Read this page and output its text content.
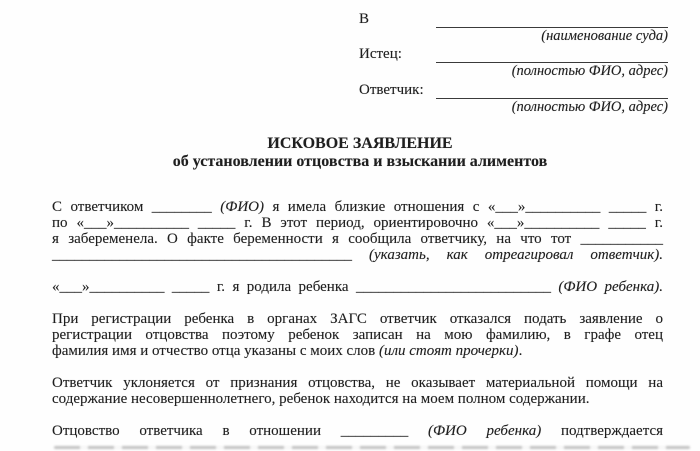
В
(наименование суда)
Истец:
(полностью ФИО, адрес)
Ответчик:
(полностью ФИО, адрес)
ИСКОВОЕ ЗАЯВЛЕНИЕ
об установлении отцовства и взыскании алиментов
С ответчиком ________ (ФИО) я имела близкие отношения с «___»__________ _____ г.
по «___»__________ _____ г. В этот период, ориентировочно «___»__________ _____ г.
я забеременела. О факте беременности я сообщила ответчику, на что тот ___________
________________________________________ (указать, как отреагировал ответчик).
«___»__________ _____ г. я родила ребенка __________________________ (ФИО ребенка).
При регистрации ребенка в органах ЗАГС ответчик отказался подать заявление о
регистрации отцовства поэтому ребенок записан на мою фамилию, в графе отец
фамилия имя и отчество отца указаны с моих слов (или стоят прочерки).
Ответчик уклоняется от признания отцовства, не оказывает материальной помощи на
содержание несовершеннолетнего, ребенок находится на моем полном содержании.
Отцовство ответчика в отношении _________ (ФИО ребенка) подтверждается
